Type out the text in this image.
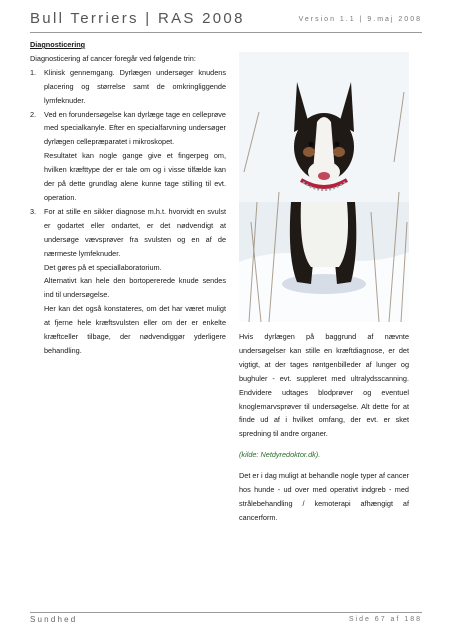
Bull Terriers | RAS 2008	Version 1.1 | 9.maj 2008
Diagnosticering
Diagnosticering af cancer foregår ved følgende trin:
1. Klinisk gennemgang. Dyrlægen undersøger knudens placering og størrelse samt de omkringliggende lymfeknuder.
2. Ved en forundersøgelse kan dyrlæge tage en celleprøve med specialkanyle. Efter en specialfarvning undersøger dyrlægen cellepræparatet i mikroskopet.
Resultatet kan nogle gange give et fingerpeg om, hvilken kræfttype der er tale om og i visse tilfælde kan der på dette grundlag alene kunne tage stilling til evt. operation.
3. For at stille en sikker diagnose m.h.t. hvorvidt en svulst er godartet eller ondartet, er det nødvendigt at undersøge vævsprøver fra svulsten og en af de nærmeste lymfeknuder.
Det gøres på et speciallaboratorium.
Alternativt kan hele den bortopererede knude sendes ind til undersøgelse.
Her kan det også konstateres, om det har været muligt at fjerne hele kræftsvulsten eller om der er enkelte kræftceller tilbage, der nødvendiggør yderligere behandling.
Hvis dyrlægen på baggrund af nævnte undersøgelser kan stille en kræftdiagnose, er det vigtigt, at der tages røntgenbilleder af lunger og bughuler - evt. suppleret med ultralydsscanning. Endvidere udtages blodprøver og eventuel knoglemarvsprøver til undersøgelse. Alt dette for at finde ud af i hvilket omfang, der evt. er sket spredning til andre organer.
(kilde: Netdyredoktor.dk).
Det er i dag muligt at behandle nogle typer af cancer hos hunde - ud over med operativt indgreb - med strålebehandling / kemoterapi afhængigt af cancerform.
Sundhed	Side 67 af 188
